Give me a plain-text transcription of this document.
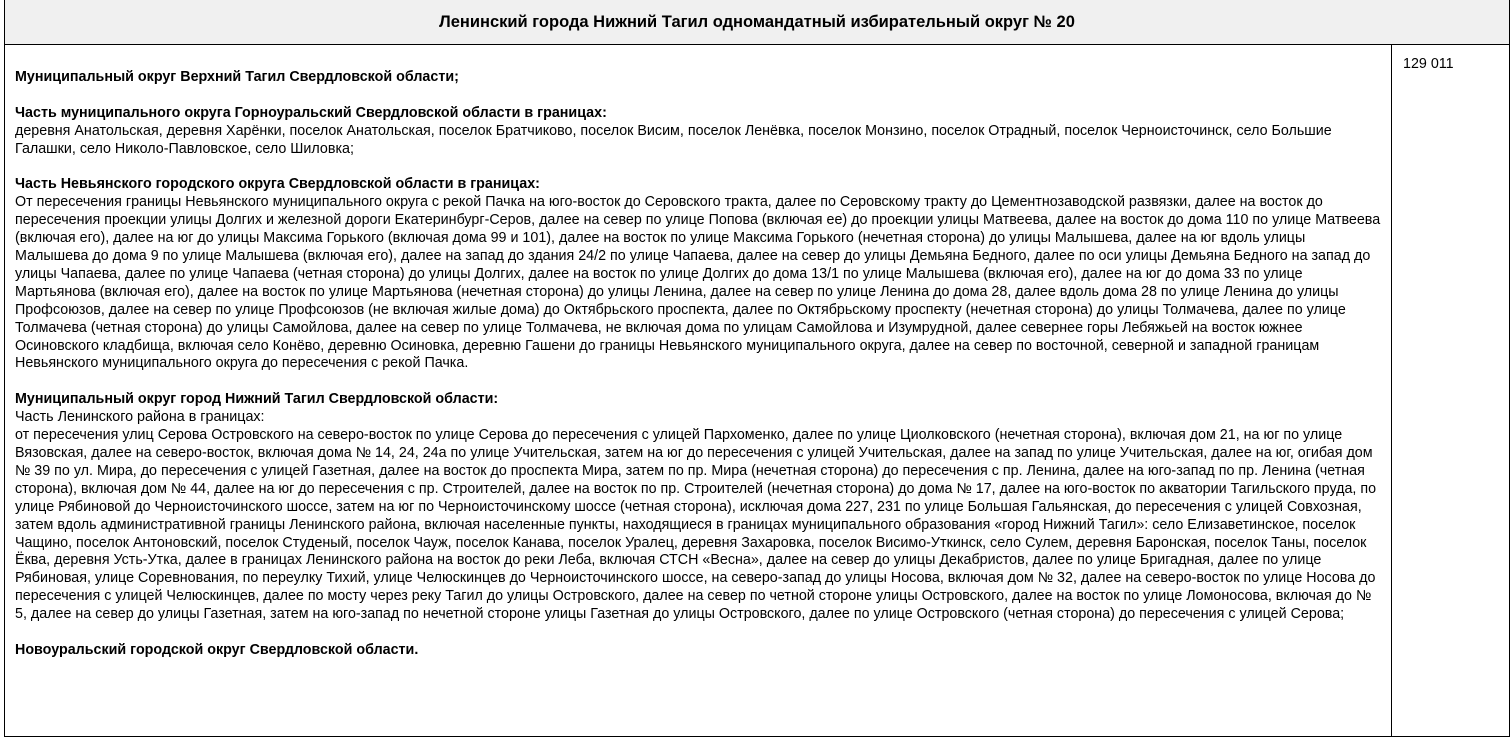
Ленинский города Нижний Тагил одномандатный избирательный округ № 20

Муниципальный округ Верхний Тагил Свердловской области;

Часть муниципального округа Горноуральский Свердловской области в границах:

деревня Анатольская, деревня Харёнки, поселок Анатольская, поселок Братчиково, поселок Висим, поселок Ленёвка, поселок Монзино, поселок Отрадный, поселок Черноисточинск, село Большие Галашки, село Николо-Павловское, село Шиловка;

Часть Невьянского городского округа Свердловской области в границах:

От пересечения границы Невьянского муниципального округа с рекой Пачка на юго-восток до Серовского тракта, далее по Серовскому тракту до Цементнозаводской развязки, далее на восток до пересечения проекции улицы Долгих и железной дороги Екатеринбург-Серов, далее на север по улице Попова (включая ее) до проекции улицы Матвеева, далее на восток до дома 110 по улице Матвеева (включая его), далее на юг до улицы Максима Горького (включая дома 99 и 101), далее на восток по улице Максима Горького (нечетная сторона) до улицы Малышева, далее на юг вдоль улицы Малышева до дома 9 по улице Малышева (включая его), далее на запад до здания 24/2 по улице Чапаева, далее на север до улицы Демьяна Бедного, далее по оси улицы Демьяна Бедного на запад до улицы Чапаева, далее по улице Чапаева (четная сторона) до улицы Долгих, далее на восток по улице Долгих до дома 13/1 по улице Малышева (включая его), далее на юг до дома 33 по улице Мартьянова (включая его), далее на восток по улице Мартьянова (нечетная сторона) до улицы Ленина, далее на север по улице Ленина до дома 28, далее вдоль дома 28 по улице Ленина до улицы Профсоюзов, далее на север по улице Профсоюзов (не включая жилые дома) до Октябрьского проспекта, далее по Октябрьскому проспекту (нечетная сторона) до улицы Толмачева, далее по улице Толмачева (четная сторона) до улицы Самойлова, далее на север по улице Толмачева, не включая дома по улицам Самойлова и Изумрудной, далее севернее горы Лебяжьей на восток южнее Осиновского кладбища, включая село Конёво, деревню Осиновка, деревню Гашени до границы Невьянского муниципального округа, далее на север по восточной, северной и западной границам Невьянского муниципального округа до пересечения с рекой Пачка.

Муниципальный округ город Нижний Тагил Свердловской области:

Часть Ленинского района в границах:

от пересечения улиц Серова Островского на северо-восток по улице Серова до пересечения с улицей Пархоменко, далее по улице Циолковского (нечетная сторона), включая дом 21, на юг по улице Вязовская, далее на северо-восток, включая дома № 14, 24, 24а по улице Учительская, затем на юг до пересечения с улицей Учительская, далее на запад по улице Учительская, далее на юг, огибая дом № 39 по ул. Мира, до пересечения с улицей Газетная, далее на восток до проспекта Мира, затем по пр. Мира (нечетная сторона) до пересечения с пр. Ленина, далее на юго-запад по пр. Ленина (четная сторона), включая дом № 44, далее на юг до пересечения с пр. Строителей, далее на восток по пр. Строителей (нечетная сторона) до дома № 17, далее на юго-восток по акватории Тагильского пруда, по улице Рябиновой до Черноисточинского шоссе, затем на юг по Черноисточинскому шоссе (четная сторона), исключая дома 227, 231 по улице Большая Гальянская, до пересечения с улицей Совхозная, затем вдоль административной границы Ленинского района, включая населенные пункты, находящиеся в границах муниципального образования «город Нижний Тагил»: село Елизаветинское, поселок Чащино, поселок Антоновский, поселок Студеный, поселок Чауж, поселок Канава, поселок Уралец, деревня Захаровка, поселок Висимо-Уткинск, село Сулем, деревня Баронская, поселок Таны, поселок Ёква, деревня Усть-Утка, далее в границах Ленинского района на восток до реки Леба, включая СТСН «Весна», далее на север до улицы Декабристов, далее по улице Бригадная, далее по улице Рябиновая, улице Соревнования, по переулку Тихий, улице Челюскинцев до Черноисточинского шоссе, на северо-запад до улицы Носова, включая дом № 32, далее на северо-восток по улице Носова до пересечения с улицей Челюскинцев, далее по мосту через реку Тагил до улицы Островского, далее на север по четной стороне улицы Островского, далее на восток по улице Ломоносова, включая до № 5, далее на север до улицы Газетная, затем на юго-запад по нечетной стороне улицы Газетная до улицы Островского, далее по улице Островского (четная сторона) до пересечения с улицей Серова;

Новоуральский городской округ Свердловской области.

	129 011
